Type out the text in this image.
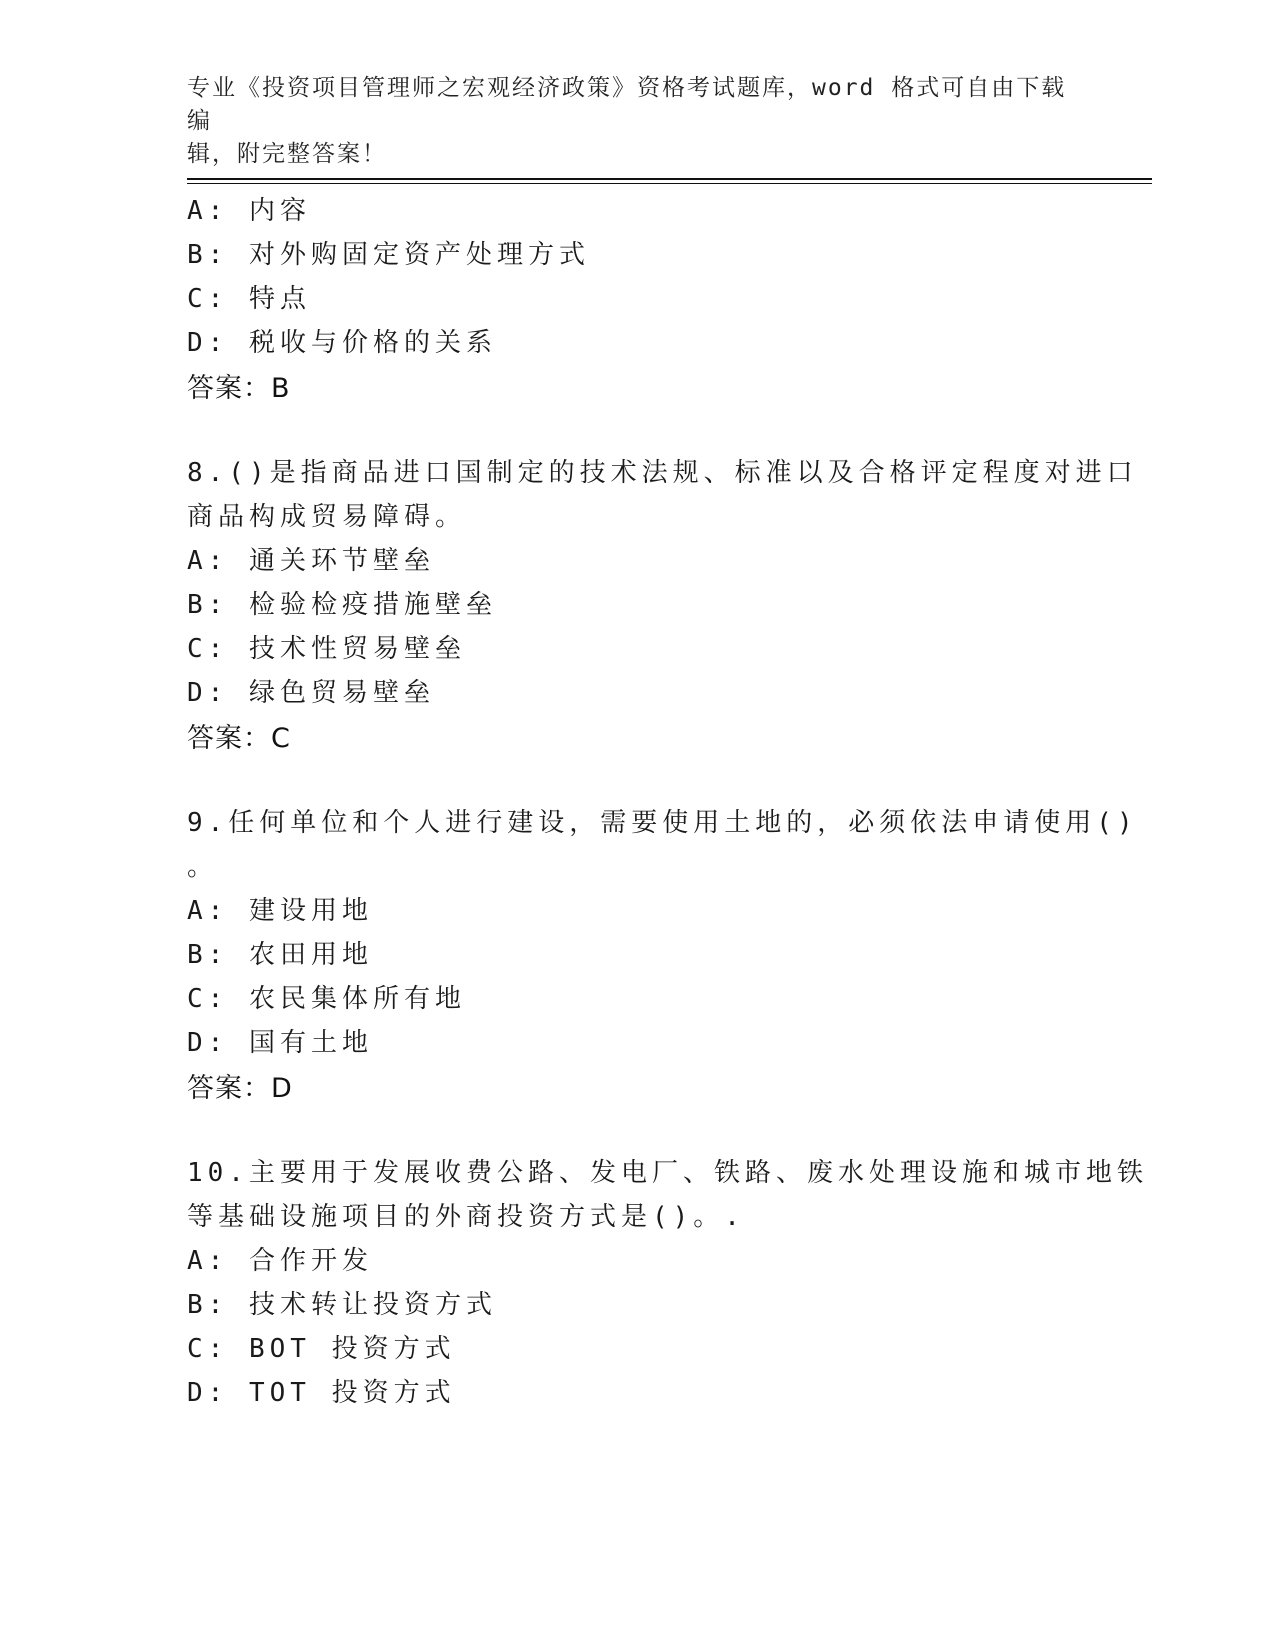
专业《投资项目管理师之宏观经济政策》资格考试题库，word 格式可自由下载编
辑，附完整答案！
A: 内容
B: 对外购固定资产处理方式
C: 特点
D: 税收与价格的关系
答案：B
8.()是指商品进口国制定的技术法规、标准以及合格评定程度对进口
商品构成贸易障碍。
A: 通关环节壁垒
B: 检验检疫措施壁垒
C: 技术性贸易壁垒
D: 绿色贸易壁垒
答案：C
9.任何单位和个人进行建设，需要使用土地的，必须依法申请使用()
。
A: 建设用地
B: 农田用地
C: 农民集体所有地
D: 国有土地
答案：D
10.主要用于发展收费公路、发电厂、铁路、废水处理设施和城市地铁
等基础设施项目的外商投资方式是()。.
A: 合作开发
B: 技术转让投资方式
C: BOT 投资方式
D: TOT 投资方式
